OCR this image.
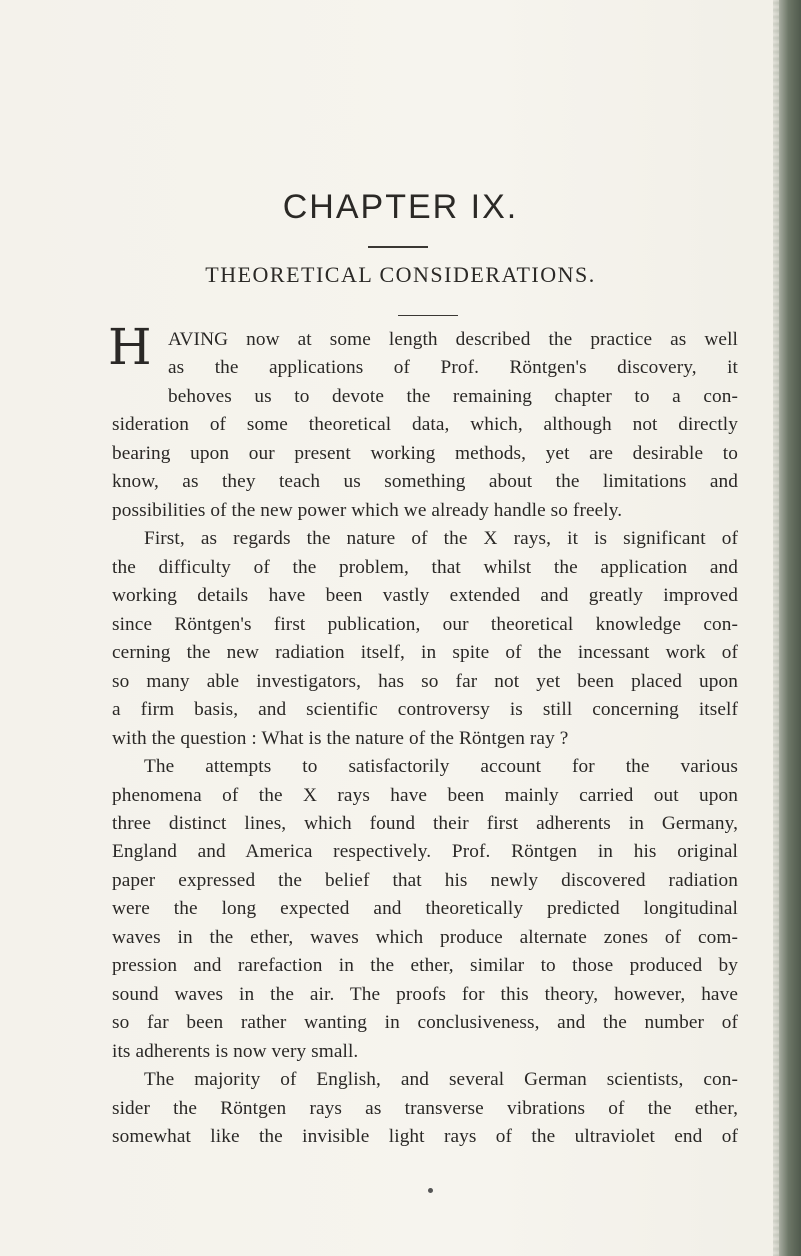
CHAPTER IX.
THEORETICAL CONSIDERATIONS.
H AVING now at some length described the practice as well
as the applications of Prof. Röntgen's discovery, it
behoves us to devote the remaining chapter to a con-
sideration of some theoretical data, which, although not directly
bearing upon our present working methods, yet are desirable to
know, as they teach us something about the limitations and
possibilities of the new power which we already handle so freely.
First, as regards the nature of the X rays, it is significant of
the difficulty of the problem, that whilst the application and
working details have been vastly extended and greatly improved
since Röntgen's first publication, our theoretical knowledge con-
cerning the new radiation itself, in spite of the incessant work of
so many able investigators, has so far not yet been placed upon
a firm basis, and scientific controversy is still concerning itself
with the question : What is the nature of the Röntgen ray ?
The attempts to satisfactorily account for the various
phenomena of the X rays have been mainly carried out upon
three distinct lines, which found their first adherents in Germany,
England and America respectively. Prof. Röntgen in his original
paper expressed the belief that his newly discovered radiation
were the long expected and theoretically predicted longitudinal
waves in the ether, waves which produce alternate zones of com-
pression and rarefaction in the ether, similar to those produced by
sound waves in the air. The proofs for this theory, however, have
so far been rather wanting in conclusiveness, and the number of
its adherents is now very small.
The majority of English, and several German scientists, con-
sider the Röntgen rays as transverse vibrations of the ether,
somewhat like the invisible light rays of the ultraviolet end of
